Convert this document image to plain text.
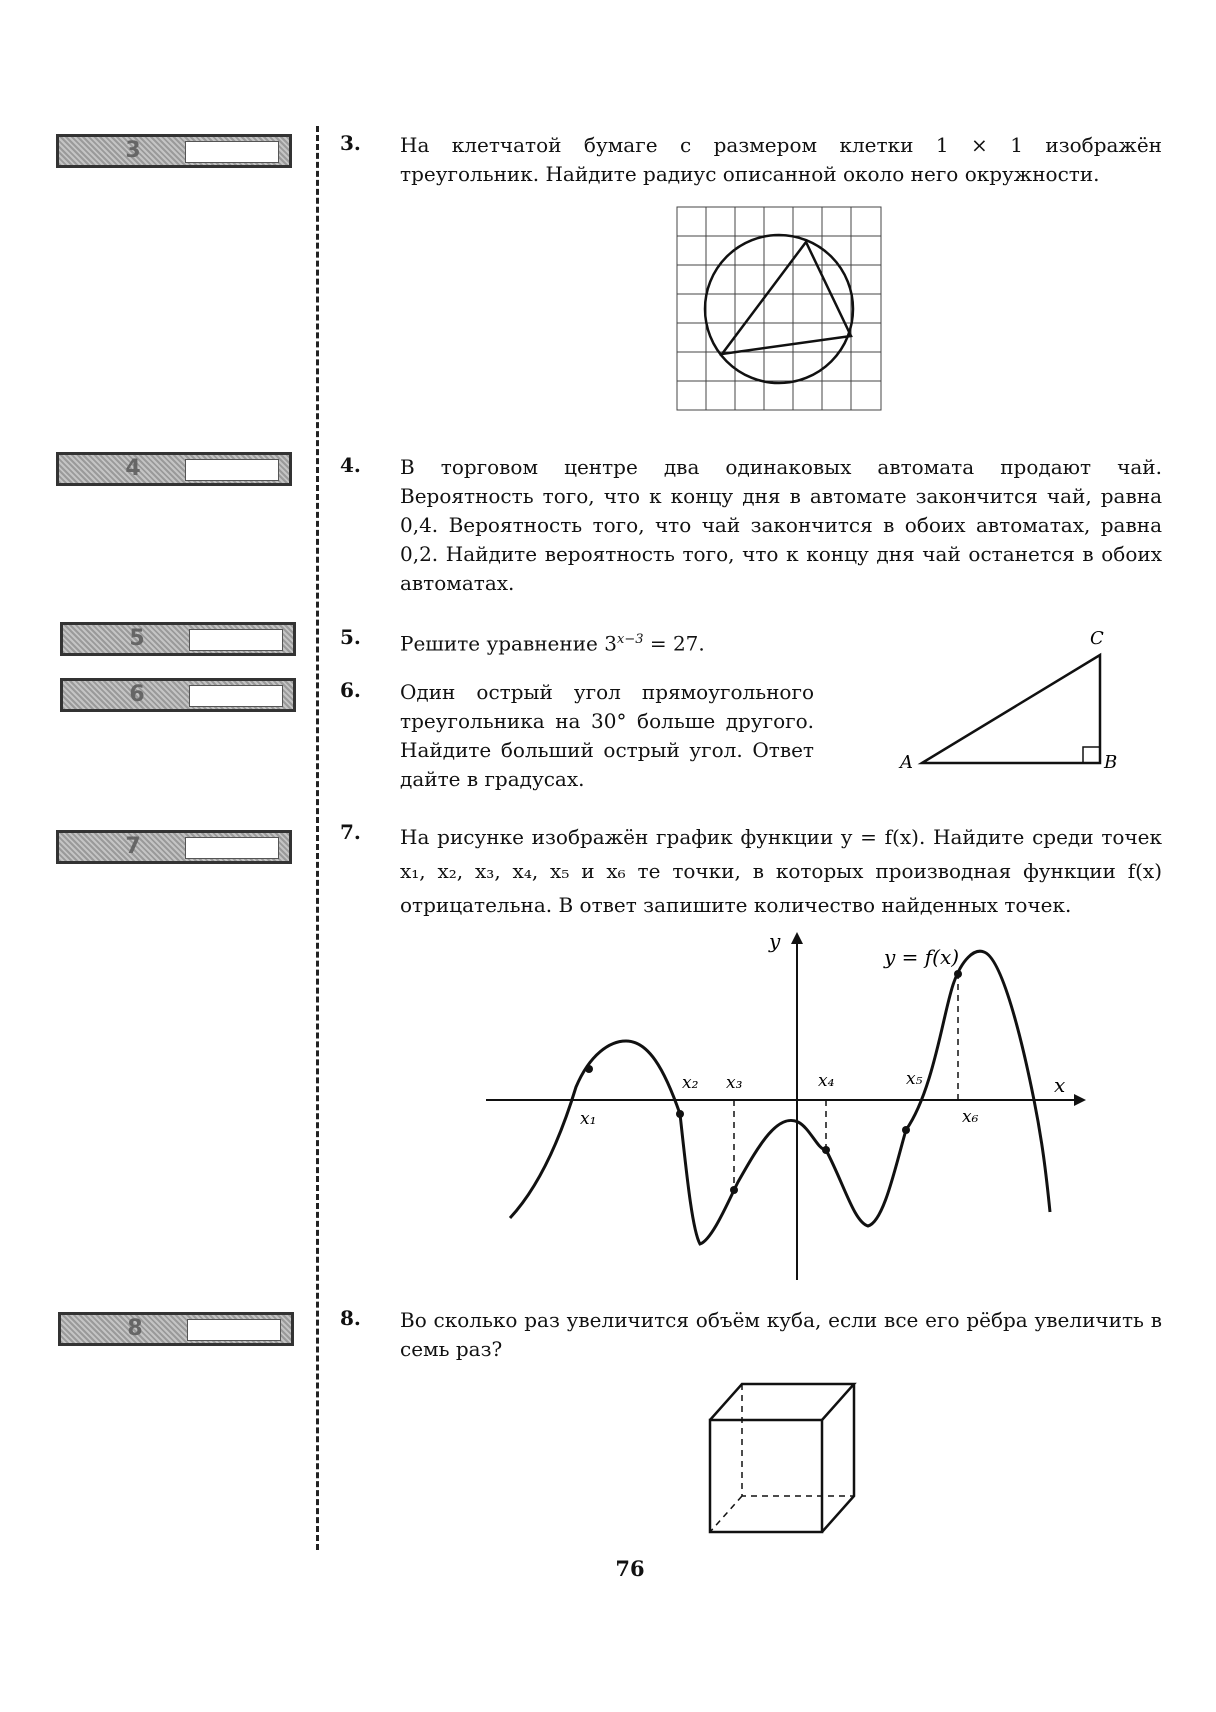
3
4
5
6
7
8
3. На клетчатой бумаге с размером клетки 1 × 1 изображён треугольник. Найдите радиус описанной около него окружности.
4. В торговом центре два одинаковых автомата продают чай. Вероятность того, что к концу дня в автомате закончится чай, равна 0,4. Вероятность того, что чай закончится в обоих автоматах, равна 0,2. Найдите вероятность того, что к концу дня чай останется в обоих автоматах.
5. Решите уравнение $3^{x-3} = 27$.
6. Один острый угол прямоугольного треугольника на 30° больше другого. Найдите больший острый угол. Ответ дайте в градусах.
A	B
C
7. На рисунке изображён график функции y = f(x). Найдите среди точек x₁, x₂, x₃, x₄, x₅ и x₆ те точки, в которых производная функции f(x) отрицательна. В ответ запишите количество найденных точек.
y
x
y = f(x)
x₁
x₂ x₃	x₄	x₅
x₆
8. Во сколько раз увеличится объём куба, если все его рёбра увеличить в семь раз?
76
